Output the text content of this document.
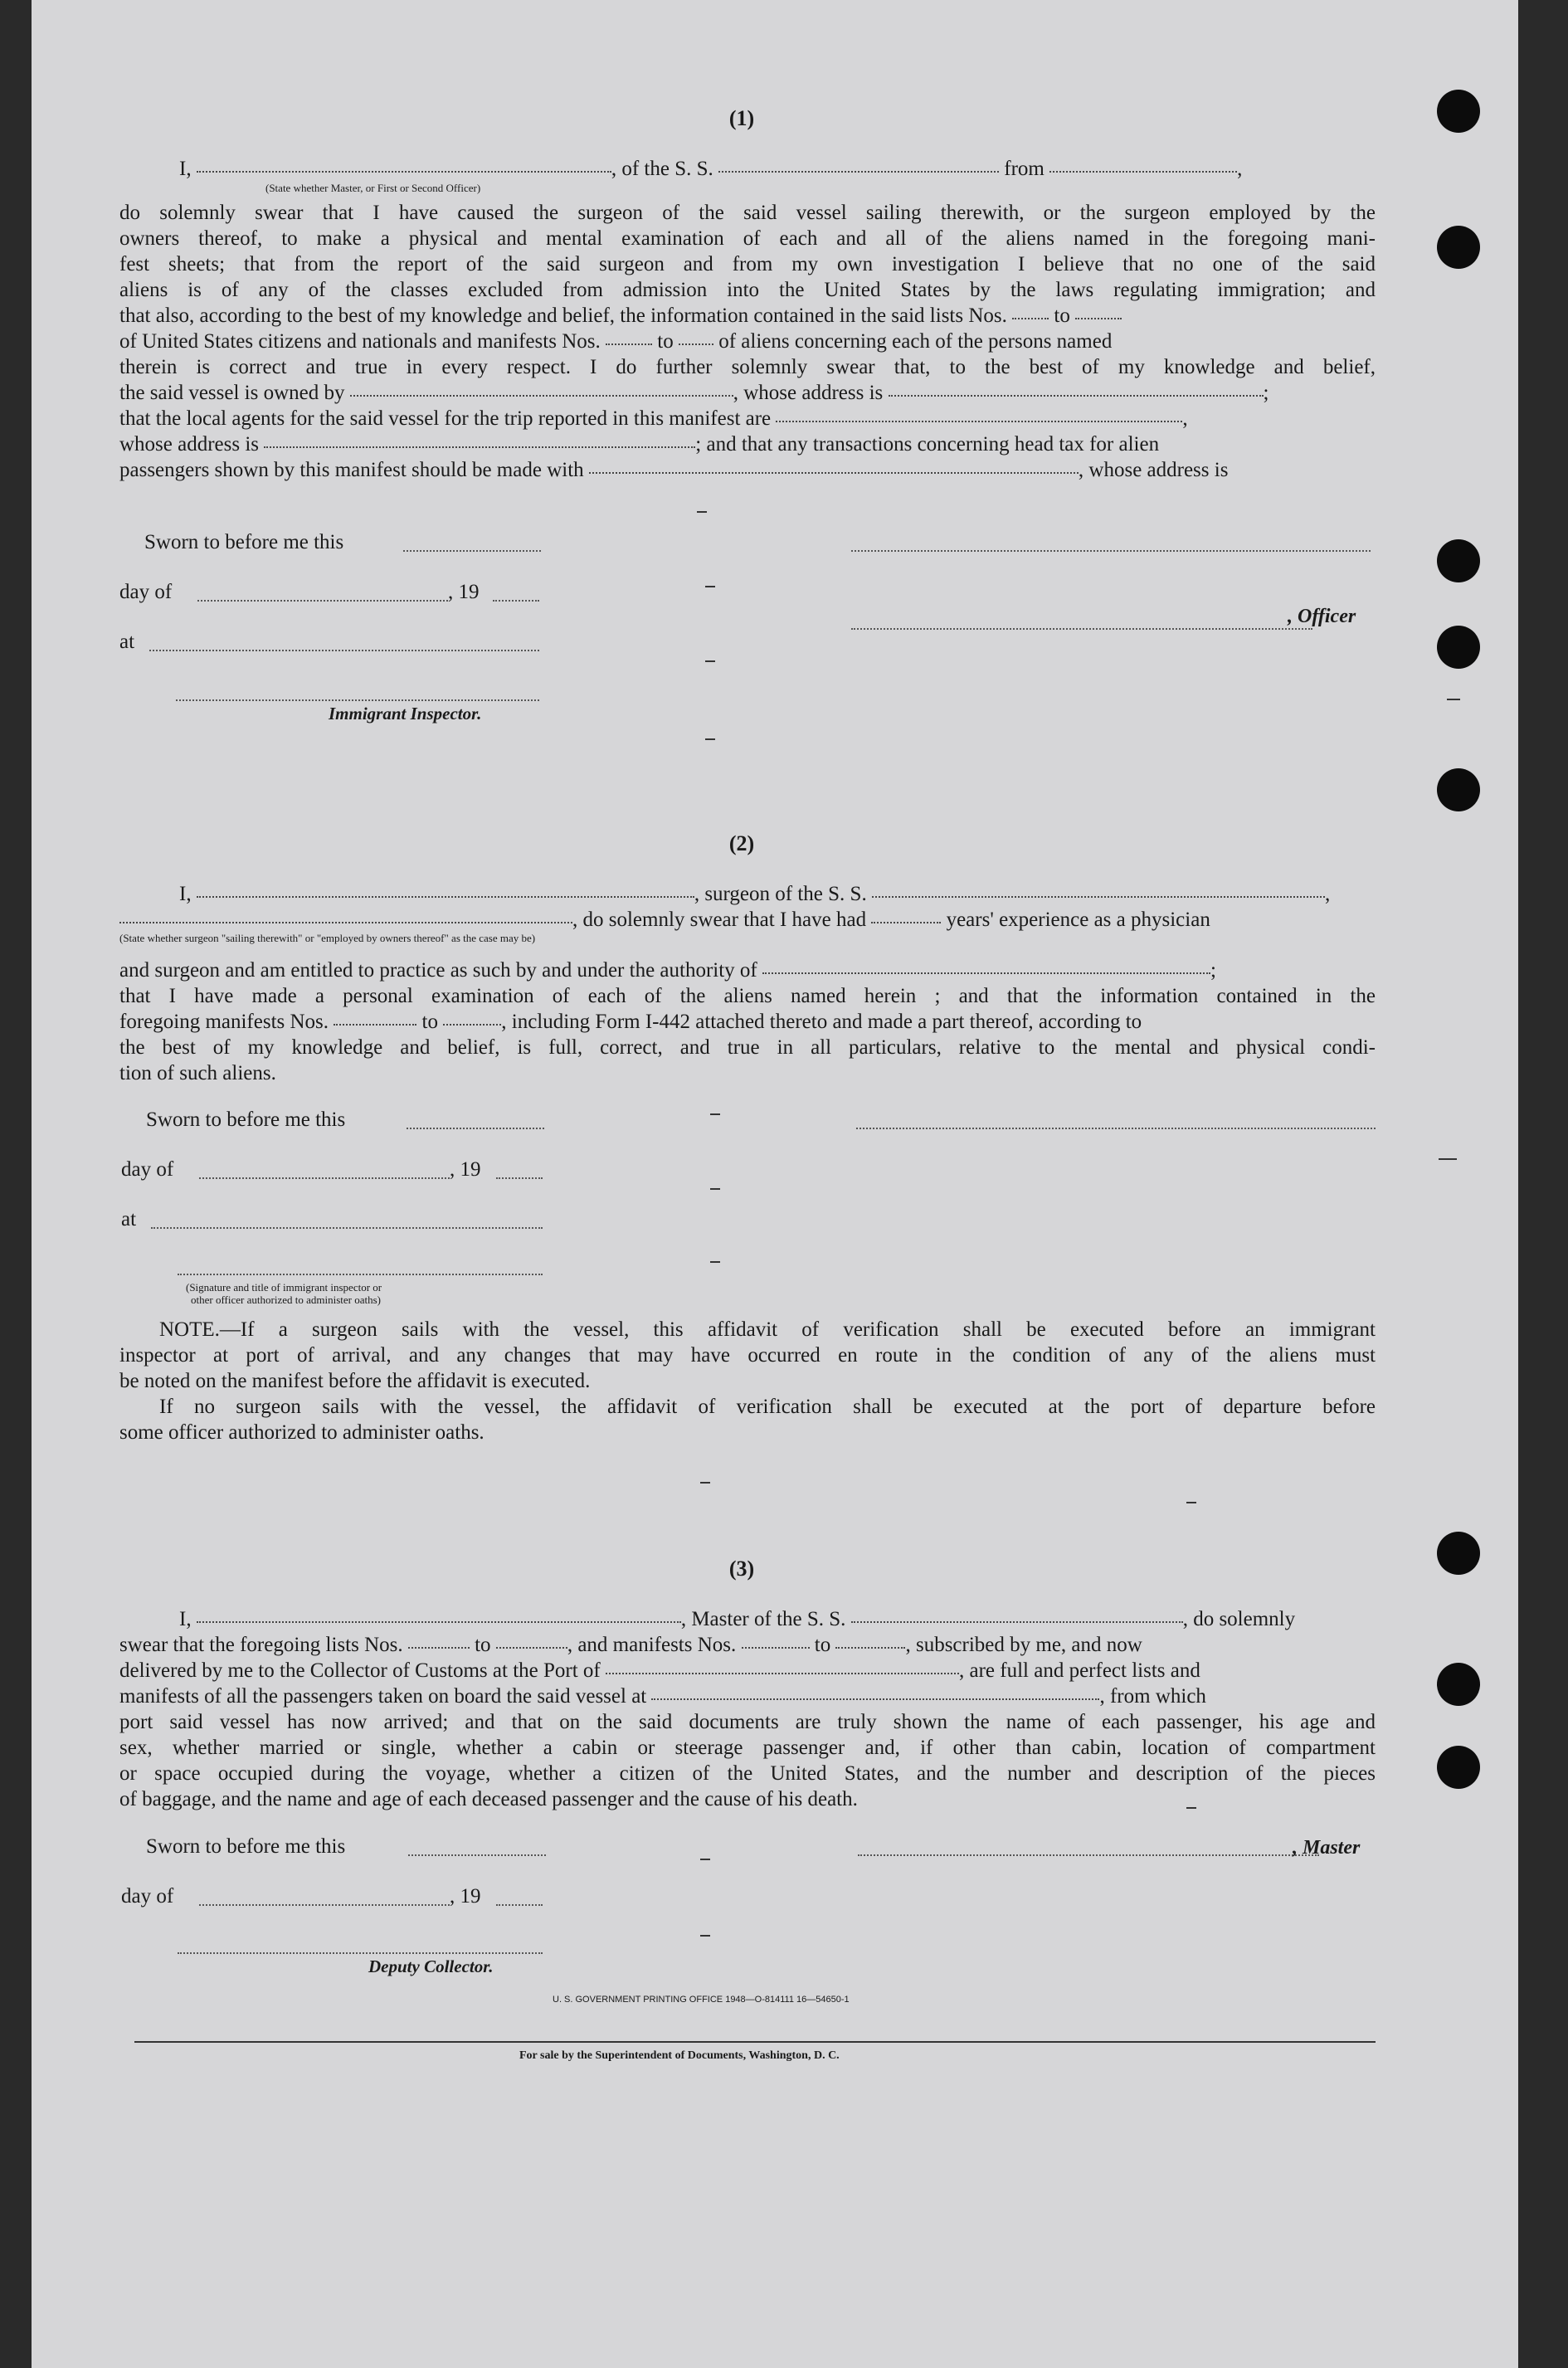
(1)
I,	, of the S. S.	from	,
(State whether Master, or First or Second Officer)
do solemnly swear that I have caused the surgeon of the said vessel sailing therewith, or the surgeon employed by the
owners thereof, to make a physical and mental examination of each and all of the aliens named in the foregoing mani-
fest sheets; that from the report of the said surgeon and from my own investigation I believe that no one of the said
aliens is of any of the classes excluded from admission into the United States by the laws regulating immigration; and
that also, according to the best of my knowledge and belief, the information contained in the said lists Nos. to
of United States citizens and nationals and manifests Nos.	to of aliens concerning each of the persons named
therein is correct and true in every respect. I do further solemnly swear that, to the best of my knowledge and belief,
the said vessel is owned by	, whose address is	;
that the local agents for the said vessel for the trip reported in this manifest are	,
whose address is	; and that any transactions concerning head tax for alien
passengers shown by this manifest should be made with	, whose address is
Sworn to before me this
day of	, 19
, Officer
at
Immigrant Inspector.
(2)
I,	, surgeon of the S. S.	,
, do solemnly swear that I have had	years' experience as a physician
(State whether surgeon "sailing therewith" or "employed by owners thereof" as the case may be)
and surgeon and am entitled to practice as such by and under the authority of	;
that I have made a personal examination of each of the aliens named herein ; and that the information contained in the
foregoing manifests Nos.	to	, including Form I-442 attached thereto and made a part thereof, according to
the best of my knowledge and belief, is full, correct, and true in all particulars, relative to the mental and physical condi-
tion of such aliens.
Sworn to before me this
day of	, 19
at
(Signature and title of immigrant inspector or
other officer authorized to administer oaths)
NOTE.—If a surgeon sails with the vessel, this affidavit of verification shall be executed before an immigrant
inspector at port of arrival, and any changes that may have occurred en route in the condition of any of the aliens must
be noted on the manifest before the affidavit is executed.
If no surgeon sails with the vessel, the affidavit of verification shall be executed at the port of departure before
some officer authorized to administer oaths.
(3)
I,	, Master of the S. S.	, do solemnly
swear that the foregoing lists Nos.	to	, and manifests Nos.	to	, subscribed by me, and now
delivered by me to the Collector of Customs at the Port of	, are full and perfect lists and
manifests of all the passengers taken on board the said vessel at	, from which
port said vessel has now arrived; and that on the said documents are truly shown the name of each passenger, his age and
sex, whether married or single, whether a cabin or steerage passenger and, if other than cabin, location of compartment
or space occupied during the voyage, whether a citizen of the United States, and the number and description of the pieces
of baggage, and the name and age of each deceased passenger and the cause of his death.
Sworn to before me this	, Master
day of	, 19
Deputy Collector.
U. S. GOVERNMENT PRINTING OFFICE 1948—O-814111 16—54650-1
For sale by the Superintendent of Documents, Washington, D. C.
